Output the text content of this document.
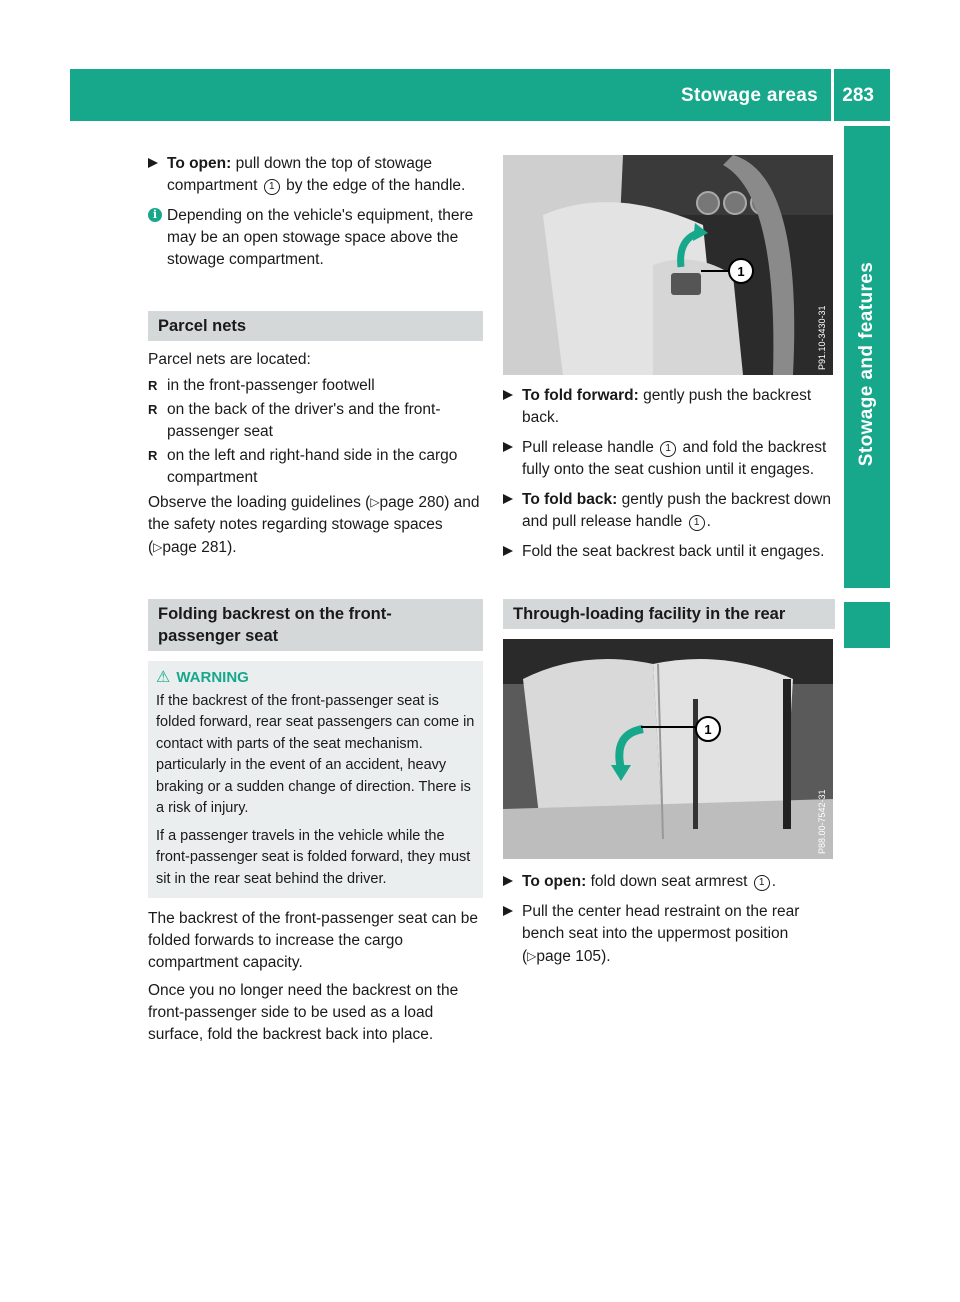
Stowage areas 283
Stowage and features
To open: pull down the top of stowage compartment 1 by the edge of the handle.
i Depending on the vehicle's equipment, there may be an open stowage space above the stowage compartment.
Parcel nets

Parcel nets are located:

R in the front-passenger footwell
R on the back of the driver's and the front-passenger seat
R on the left and right-hand side in the cargo compartment

Observe the loading guidelines (▷page 280) and the safety notes regarding stowage spaces (▷page 281).

Folding backrest on the front-passenger seat
⚠ WARNING

If the backrest of the front-passenger seat is folded forward, rear seat passengers can come in contact with parts of the seat mechanism. particularly in the event of an accident, heavy braking or a sudden change of direction. There is a risk of injury.

If a passenger travels in the vehicle while the front-passenger seat is folded forward, they must sit in the rear seat behind the driver.

The backrest of the front-passenger seat can be folded forwards to increase the cargo compartment capacity.

Once you no longer need the backrest on the front-passenger side to be used as a load surface, fold the backrest back into place.

1
P91.10-3430-31
To fold forward: gently push the backrest back.
Pull release handle 1 and fold the backrest fully onto the seat cushion until it engages.
To fold back: gently push the backrest down and pull release handle 1 .
Fold the seat backrest back until it engages.
Through-loading facility in the rear
1
P88.00-7542-31
To open: fold down seat armrest 1 .
Pull the center head restraint on the rear bench seat into the uppermost position (▷page 105).
